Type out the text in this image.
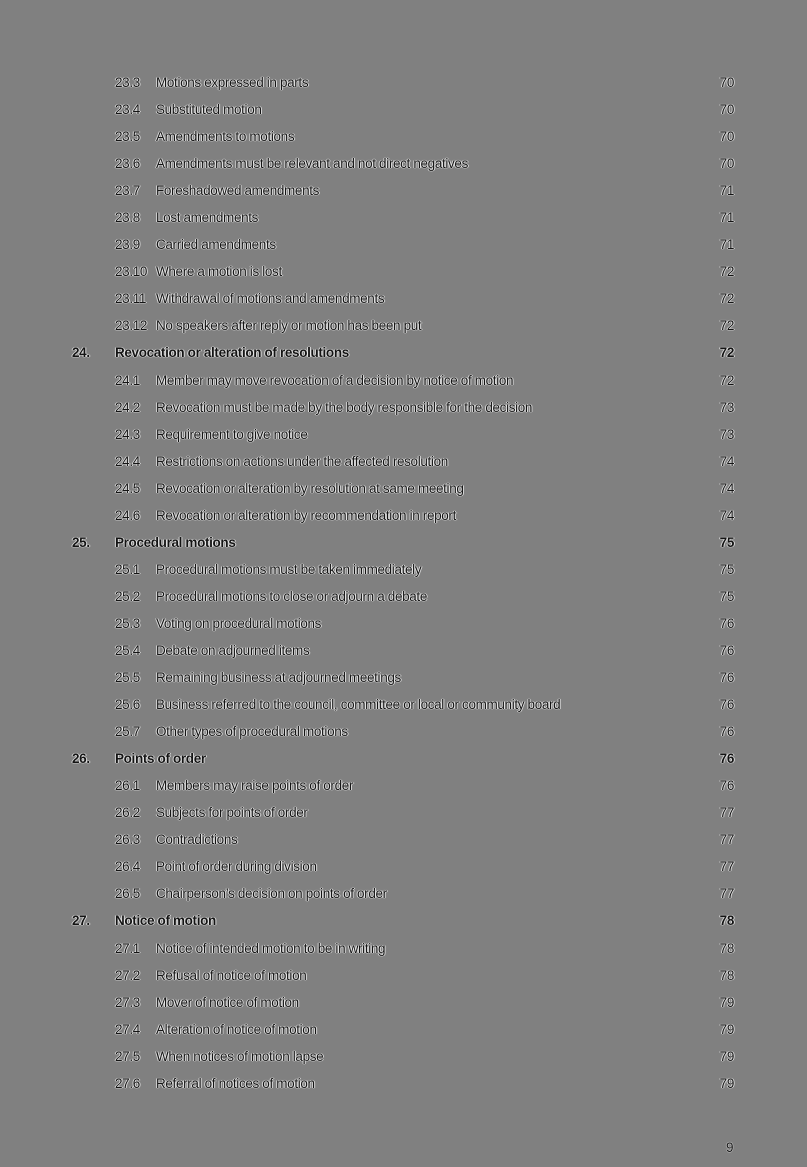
23.3 Motions expressed in parts	70
23.4 Substituted motion	70
23.5 Amendments to motions	70
23.6 Amendments must be relevant and not direct negatives	70
23.7 Foreshadowed amendments	71
23.8 Lost amendments	71
23.9 Carried amendments	71
23.10 Where a motion is lost	72
23.11 Withdrawal of motions and amendments	72
23.12 No speakers after reply or motion has been put	72
24. Revocation or alteration of resolutions	72
24.1 Member may move revocation of a decision by notice of motion	72
24.2 Revocation must be made by the body responsible for the decision	73
24.3 Requirement to give notice	73
24.4 Restrictions on actions under the affected resolution	74
24.5 Revocation or alteration by resolution at same meeting	74
24.6 Revocation or alteration by recommendation in report	74
25. Procedural motions	75
25.1 Procedural motions must be taken immediately	75
25.2 Procedural motions to close or adjourn a debate	75
25.3 Voting on procedural motions	76
25.4 Debate on adjourned items	76
25.5 Remaining business at adjourned meetings	76
25.6 Business referred to the council, committee or local or community board	76
25.7 Other types of procedural motions	76
26. Points of order	76
26.1 Members may raise points of order	76
26.2 Subjects for points of order	77
26.3 Contradictions	77
26.4 Point of order during division	77
26.5 Chairperson’s decision on points of order	77
27. Notice of motion	78
27.1 Notice of intended motion to be in writing	78
27.2 Refusal of notice of motion	78
27.3 Mover of notice of motion	79
27.4 Alteration of notice of motion	79
27.5 When notices of motion lapse	79
27.6 Referral of notices of motion	79
9
